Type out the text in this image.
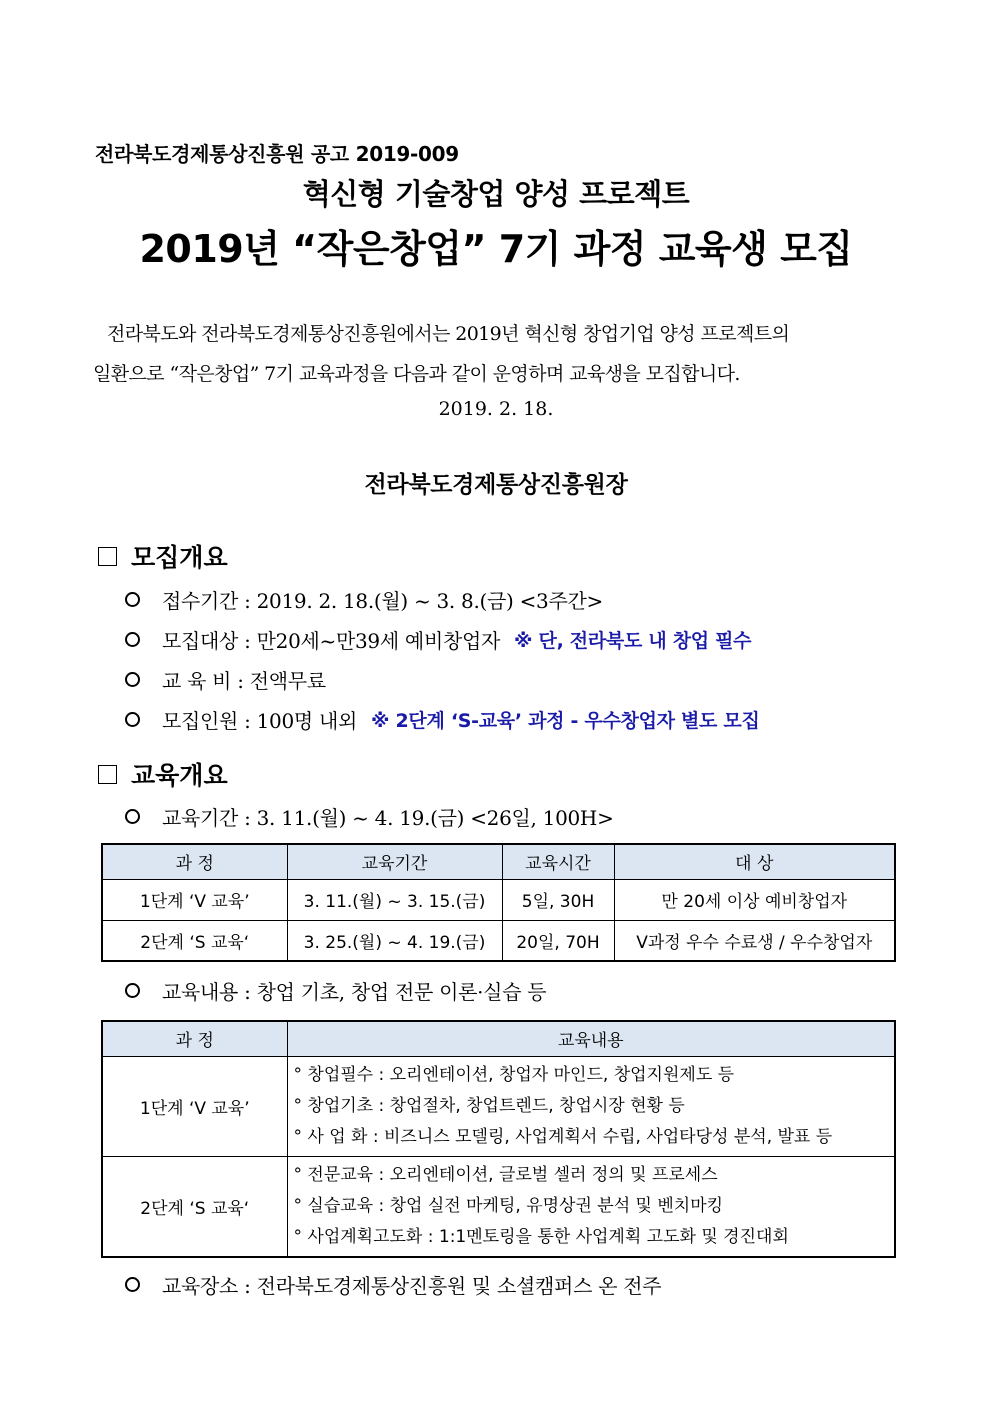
전라북도경제통상진흥원 공고 2019-009
혁신형 기술창업 양성 프로젝트
2019년 “작은창업” 7기 과정 교육생 모집

전라북도와 전라북도경제통상진흥원에서는 2019년 혁신형 창업기업 양성 프로젝트의

일환으로 “작은창업” 7기 교육과정을 다음과 같이 운영하며 교육생을 모집합니다.

2019. 2. 18.
전라북도경제통상진흥원장
모집개요
접수기간 : 2019. 2. 18.(월) ~ 3. 8.(금) <3주간>
모집대상 : 만20세~만39세 예비창업자 ※ 단, 전라북도 내 창업 필수
교 육 비 : 전액무료
모집인원 : 100명 내외 ※ 2단계 ‘S-교육’ 과정 - 우수창업자 별도 모집
교육개요
교육기간 : 3. 11.(월) ~ 4. 19.(금) <26일, 100H>
과 정	교육기간	교육시간	대 상
1단계 ‘V 교육’	3. 11.(월) ~ 3. 15.(금)	5일, 30H	만 20세 이상 예비창업자
2단계 ‘S 교육‘	3. 25.(월) ~ 4. 19.(금)	20일, 70H	V과정 우수 수료생 / 우수창업자
교육내용 : 창업 기초, 창업 전문 이론·실습 등
과 정	교육내용
1단계 ‘V 교육’	° 창업필수 : 오리엔테이션, 창업자 마인드, 창업지원제도 등
° 창업기초 : 창업절차, 창업트렌드, 창업시장 현황 등
° 사 업 화 : 비즈니스 모델링, 사업계획서 수립, 사업타당성 분석, 발표 등

2단계 ‘S 교육‘	° 전문교육 : 오리엔테이션, 글로벌 셀러 정의 및 프로세스
° 실습교육 : 창업 실전 마케팅, 유명상권 분석 및 벤치마킹
° 사업계획고도화 : 1:1멘토링을 통한 사업계획 고도화 및 경진대회
교육장소 : 전라북도경제통상진흥원 및 소셜캠퍼스 온 전주
